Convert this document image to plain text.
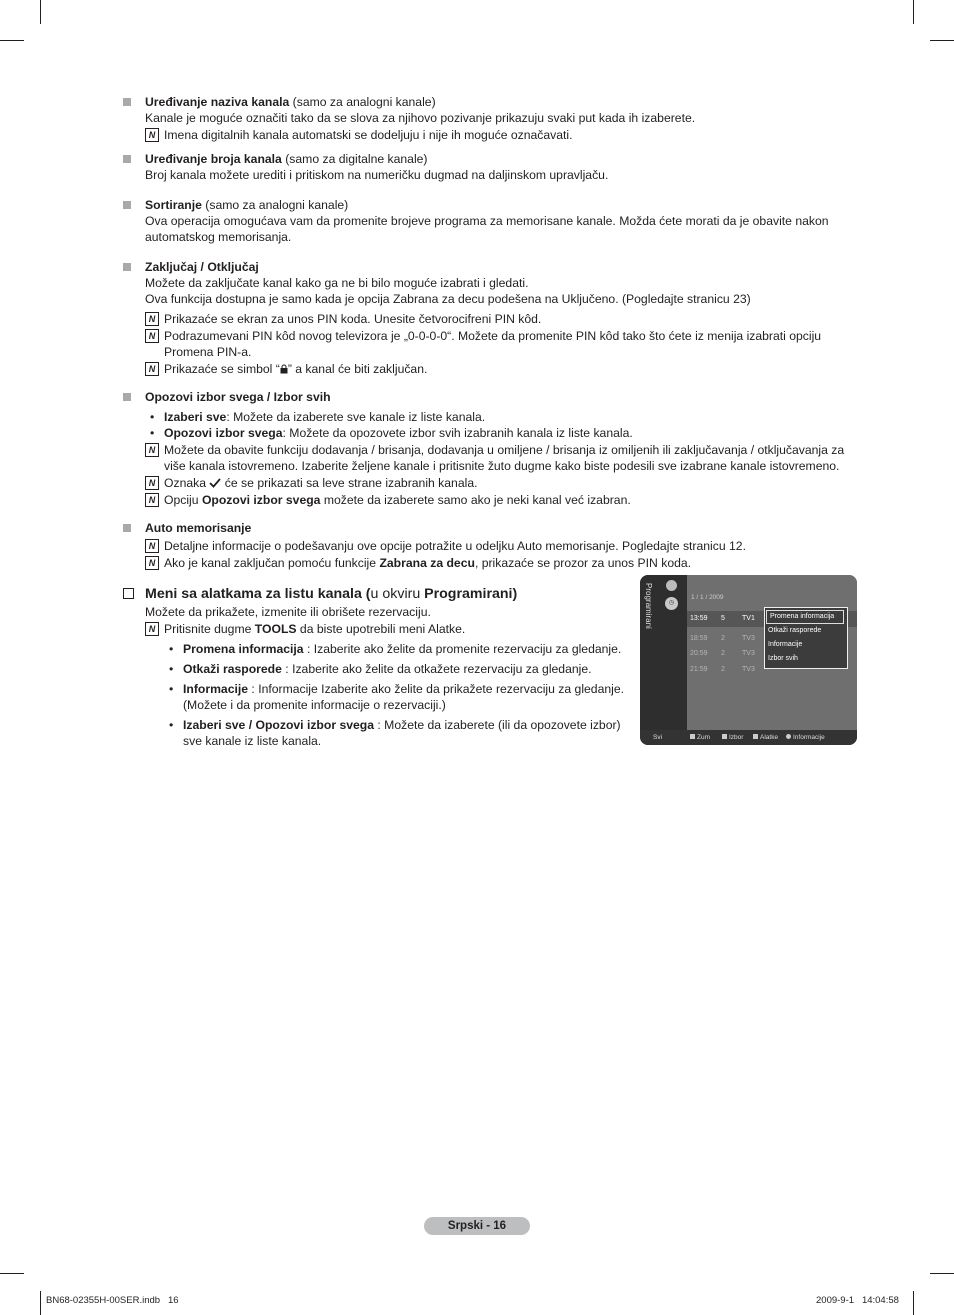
Uređivanje naziva kanala (samo za analogni kanale)
Kanale je moguće označiti tako da se slova za njihovo pozivanje prikazuju svaki put kada ih izaberete.
N Imena digitalnih kanala automatski se dodeljuju i nije ih moguće označavati.
Uređivanje broja kanala (samo za digitalne kanale)
Broj kanala možete urediti i pritiskom na numeričku dugmad na daljinskom upravljaču.
Sortiranje (samo za analogni kanale)
Ova operacija omogućava vam da promenite brojeve programa za memorisane kanale. Možda ćete morati da je obavite nakon automatskog memorisanja.
Zaključaj / Otključaj
Možete da zaključate kanal kako ga ne bi bilo moguće izabrati i gledati.
Ova funkcija dostupna je samo kada je opcija Zabrana za decu podešena na Uključeno. (Pogledajte stranicu 23)
N Prikazaće se ekran za unos PIN koda. Unesite četvorocifreni PIN kôd.
N Podrazumevani PIN kôd novog televizora je „0-0-0-0“. Možete da promenite PIN kôd tako što ćete iz menija izabrati opciju Promena PIN-a.
N Prikazaće se simbol “ ” a kanal će biti zaključan.
Opozovi izbor svega / Izbor svih
• Izaberi sve: Možete da izaberete sve kanale iz liste kanala.
• Opozovi izbor svega: Možete da opozovete izbor svih izabranih kanala iz liste kanala.
N Možete da obavite funkciju dodavanja / brisanja, dodavanja u omiljene / brisanja iz omiljenih ili zaključavanja / otključavanja za više kanala istovremeno. Izaberite željene kanale i pritisnite žuto dugme kako biste podesili sve izabrane kanale istovremeno.
N Oznaka će se prikazati sa leve strane izabranih kanala.
N Opciju Opozovi izbor svega možete da izaberete samo ako je neki kanal već izabran.
Auto memorisanje
N Detaljne informacije o podešavanju ove opcije potražite u odeljku Auto memorisanje. Pogledajte stranicu 12.
N Ako je kanal zaključan pomoću funkcije Zabrana za decu, prikazaće se prozor za unos PIN koda.
Meni sa alatkama za listu kanala (u okviru Programirani)
Možete da prikažete, izmenite ili obrišete rezervaciju.
N Pritisnite dugme TOOLS da biste upotrebili meni Alatke.
• Promena informacija : Izaberite ako želite da promenite rezervaciju za gledanje.
• Otkaži rasporede : Izaberite ako želite da otkažete rezervaciju za gledanje.
• Informacije : Informacije Izaberite ako želite da prikažete rezervaciju za gledanje. (Možete i da promenite informacije o rezervaciji.)
• Izaberi sve / Opozovi izbor svega : Možete da izaberete (ili da opozovete izbor) sve kanale iz liste kanala.
Programirani	◷
1 / 1 / 2009
13:59 5 TV1
18:59 2 TV3
20:59 2 TV3
21:59 2 TV3
Promena informacija
Otkaži rasporede
Informacije
Izbor svih
Svi	Zum	Izbor	Alatke Informacije
Srpski - 16
BN68-02355H-00SER.indb   16	2009-9-1   14:04:58
